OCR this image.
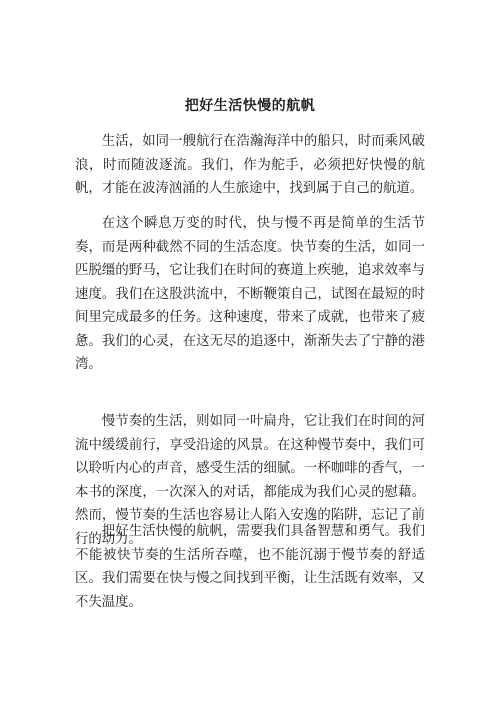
把好生活快慢的航帆

生活，如同一艘航行在浩瀚海洋中的船只，时而乘风破浪，时而随波逐流。我们，作为舵手，必须把好快慢的航帆，才能在波涛汹涌的人生旅途中，找到属于自己的航道。

在这个瞬息万变的时代，快与慢不再是简单的生活节奏，而是两种截然不同的生活态度。快节奏的生活，如同一匹脱缰的野马，它让我们在时间的赛道上疾驰，追求效率与速度。我们在这股洪流中，不断鞭策自己，试图在最短的时间里完成最多的任务。这种速度，带来了成就，也带来了疲惫。我们的心灵，在这无尽的追逐中，渐渐失去了宁静的港湾。

慢节奏的生活，则如同一叶扁舟，它让我们在时间的河流中缓缓前行，享受沿途的风景。在这种慢节奏中，我们可以聆听内心的声音，感受生活的细腻。一杯咖啡的香气，一本书的深度，一次深入的对话，都能成为我们心灵的慰藉。然而，慢节奏的生活也容易让人陷入安逸的陷阱，忘记了前行的动力。

把好生活快慢的航帆，需要我们具备智慧和勇气。我们不能被快节奏的生活所吞噬，也不能沉溺于慢节奏的舒适区。我们需要在快与慢之间找到平衡，让生活既有效率，又不失温度。
